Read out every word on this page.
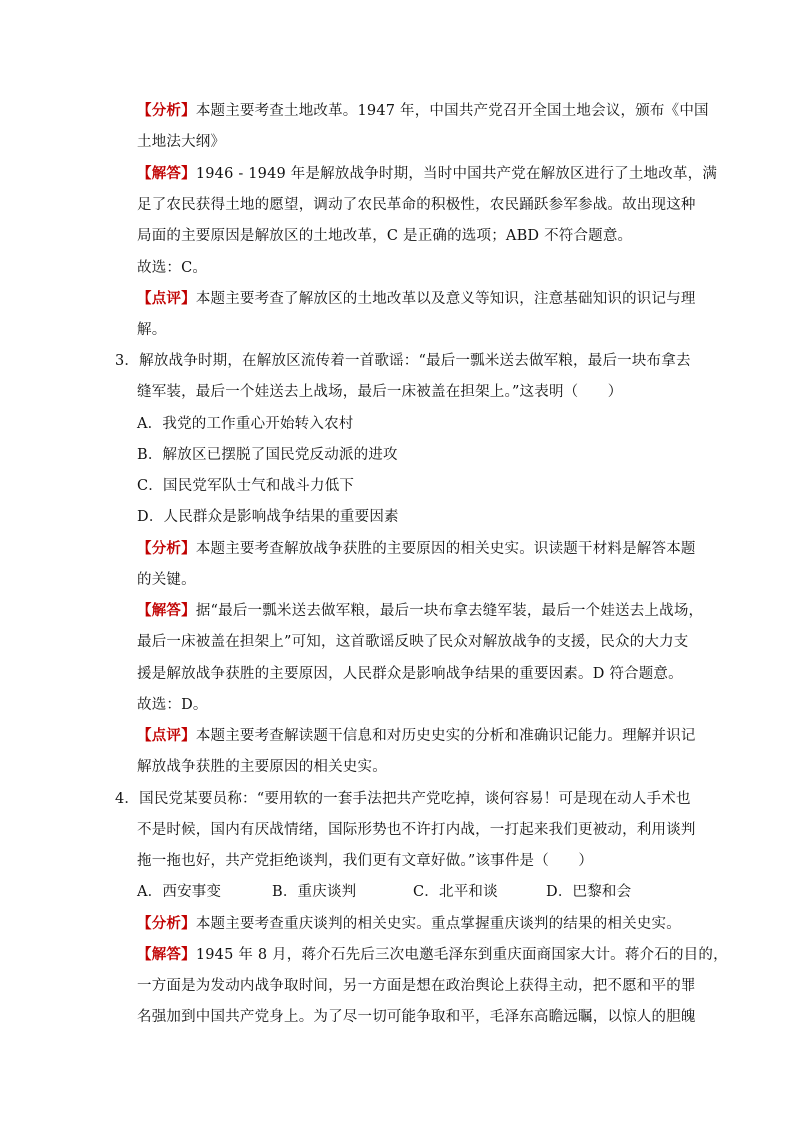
【分析】本题主要考查土地改革。1947 年，中国共产党召开全国土地会议，颁布《中国
土地法大纲》
【解答】1946 - 1949 年是解放战争时期，当时中国共产党在解放区进行了土地改革，满
足了农民获得土地的愿望，调动了农民革命的积极性，农民踊跃参军参战。故出现这种
局面的主要原因是解放区的土地改革，C 是正确的选项；ABD 不符合题意。
故选：C。
【点评】本题主要考查了解放区的土地改革以及意义等知识，注意基础知识的识记与理
解。
3．解放战争时期，在解放区流传着一首歌谣：“最后一瓢米送去做军粮，最后一块布拿去
缝军装，最后一个娃送去上战场，最后一床被盖在担架上。”这表明（　　）
A．我党的工作重心开始转入农村
B．解放区已摆脱了国民党反动派的进攻
C．国民党军队士气和战斗力低下
D．人民群众是影响战争结果的重要因素
【分析】本题主要考查解放战争获胜的主要原因的相关史实。识读题干材料是解答本题
的关键。
【解答】据“最后一瓢米送去做军粮，最后一块布拿去缝军装，最后一个娃送去上战场，
最后一床被盖在担架上”可知，这首歌谣反映了民众对解放战争的支援，民众的大力支
援是解放战争获胜的主要原因，人民群众是影响战争结果的重要因素。D 符合题意。
故选：D。
【点评】本题主要考查解读题干信息和对历史史实的分析和准确识记能力。理解并识记
解放战争获胜的主要原因的相关史实。
4．国民党某要员称：“要用软的一套手法把共产党吃掉，谈何容易！可是现在动人手术也
不是时候，国内有厌战情绪，国际形势也不许打内战，一打起来我们更被动，利用谈判
拖一拖也好，共产党拒绝谈判，我们更有文章好做。”该事件是（　　）
A．西安事变	B．重庆谈判	C．北平和谈	D．巴黎和会
【分析】本题主要考查重庆谈判的相关史实。重点掌握重庆谈判的结果的相关史实。
【解答】1945 年 8 月，蒋介石先后三次电邀毛泽东到重庆面商国家大计。蒋介石的目的，
一方面是为发动内战争取时间，另一方面是想在政治舆论上获得主动，把不愿和平的罪
名强加到中国共产党身上。为了尽一切可能争取和平，毛泽东高瞻远瞩，以惊人的胆魄
